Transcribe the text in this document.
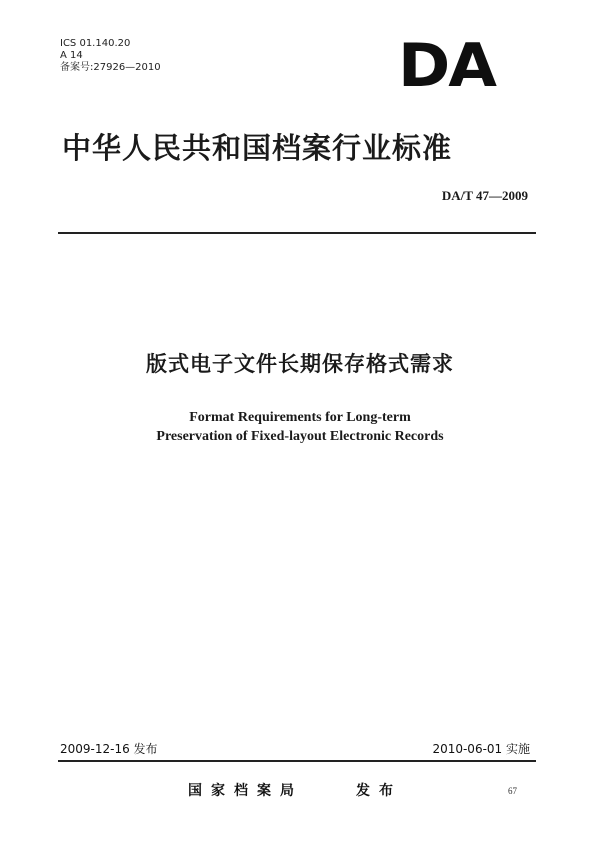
ICS 01.140.20
A 14
备案号:27926—2010	DA
中华人民共和国档案行业标准
DA/T 47—2009
版式电子文件长期保存格式需求
Format Requirements for Long-term
Preservation of Fixed-layout Electronic Records
2009-12-16 发布	2010-06-01 实施
国家档案局	发布	67
